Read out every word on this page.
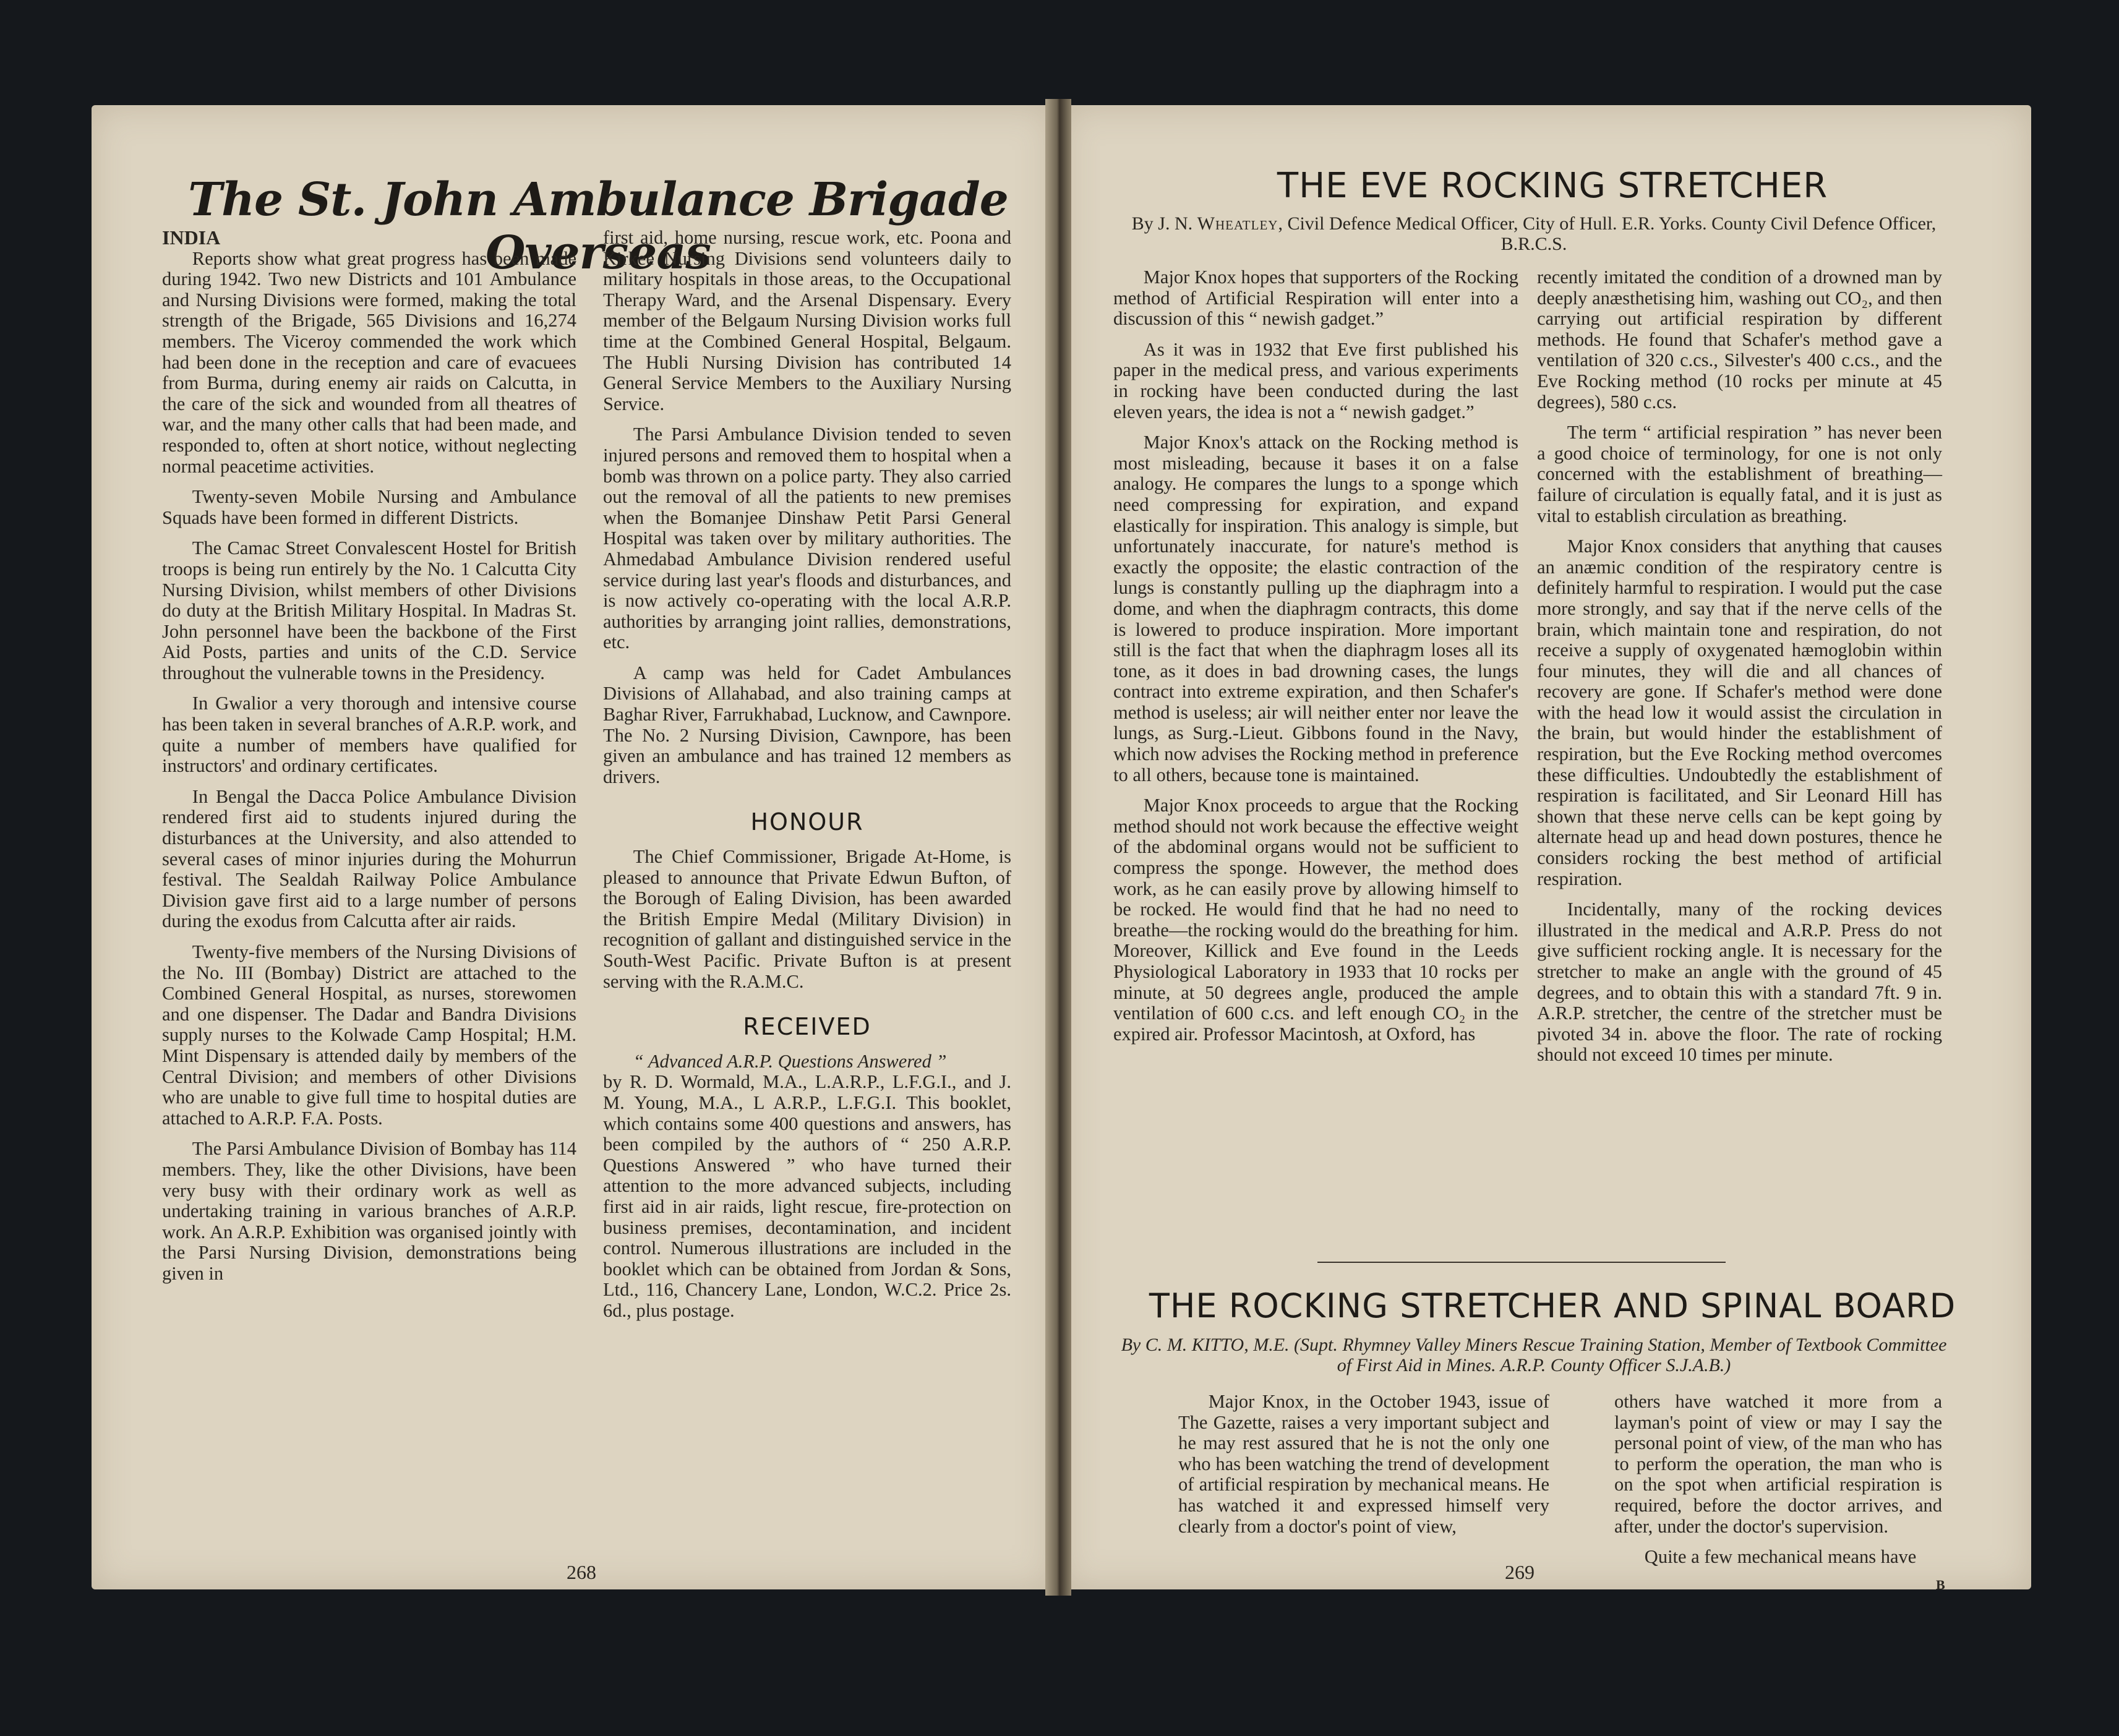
The St. John Ambulance Brigade Overseas

INDIA

Reports show what great progress has been made during 1942. Two new Districts and 101 Ambulance and Nursing Divisions were formed, making the total strength of the Brigade, 565 Divisions and 16,274 members. The Viceroy commended the work which had been done in the reception and care of evacuees from Burma, during enemy air raids on Calcutta, in the care of the sick and wounded from all theatres of war, and the many other calls that had been made, and responded to, often at short notice, without neglecting normal peacetime activities.

Twenty-seven Mobile Nursing and Ambulance Squads have been formed in different Districts.

The Camac Street Convalescent Hostel for British troops is being run entirely by the No. 1 Calcutta City Nursing Division, whilst members of other Divisions do duty at the British Military Hospital. In Madras St. John personnel have been the backbone of the First Aid Posts, parties and units of the C.D. Service throughout the vulnerable towns in the Presidency.

In Gwalior a very thorough and intensive course has been taken in several branches of A.R.P. work, and quite a number of members have qualified for instructors' and ordinary certificates.

In Bengal the Dacca Police Ambulance Division rendered first aid to students injured during the disturbances at the University, and also attended to several cases of minor injuries during the Mohurrun festival. The Sealdah Railway Police Ambulance Division gave first aid to a large number of persons during the exodus from Calcutta after air raids.

Twenty-five members of the Nursing Divisions of the No. III (Bombay) District are attached to the Combined General Hospital, as nurses, storewomen and one dispenser. The Dadar and Bandra Divisions supply nurses to the Kolwade Camp Hospital; H.M. Mint Dispensary is attended daily by members of the Central Division; and members of other Divisions who are unable to give full time to hospital duties are attached to A.R.P. F.A. Posts.

The Parsi Ambulance Division of Bombay has 114 members. They, like the other Divisions, have been very busy with their ordinary work as well as undertaking training in various branches of A.R.P. work. An A.R.P. Exhibition was organised jointly with the Parsi Nursing Division, demonstrations being given in

first aid, home nursing, rescue work, etc. Poona and Kirkee Nursing Divisions send volunteers daily to military hospitals in those areas, to the Occupational Therapy Ward, and the Arsenal Dispensary. Every member of the Belgaum Nursing Division works full time at the Combined General Hospital, Belgaum. The Hubli Nursing Division has contributed 14 General Service Members to the Auxiliary Nursing Service.

The Parsi Ambulance Division tended to seven injured persons and removed them to hospital when a bomb was thrown on a police party. They also carried out the removal of all the patients to new premises when the Bomanjee Dinshaw Petit Parsi General Hospital was taken over by military authorities. The Ahmedabad Ambulance Division rendered useful service during last year's floods and disturbances, and is now actively co-operating with the local A.R.P. authorities by arranging joint rallies, demonstrations, etc.

A camp was held for Cadet Ambulances Divisions of Allahabad, and also training camps at Baghar River, Farrukhabad, Lucknow, and Cawnpore. The No. 2 Nursing Division, Cawnpore, has been given an ambulance and has trained 12 members as drivers.

HONOUR

The Chief Commissioner, Brigade At-Home, is pleased to announce that Private Edwun Bufton, of the Borough of Ealing Division, has been awarded the British Empire Medal (Military Division) in recognition of gallant and distinguished service in the South-West Pacific. Private Bufton is at present serving with the R.A.M.C.

RECEIVED

“ Advanced A.R.P. Questions Answered ”

by R. D. Wormald, M.A., L.A.R.P., L.F.G.I., and J. M. Young, M.A., L A.R.P., L.F.G.I. This booklet, which contains some 400 questions and answers, has been compiled by the authors of “ 250 A.R.P. Questions Answered ” who have turned their attention to the more advanced subjects, including first aid in air raids, light rescue, fire-protection on business premises, decontamination, and incident control. Numerous illustrations are included in the booklet which can be obtained from Jordan & Sons, Ltd., 116, Chancery Lane, London, W.C.2. Price 2s. 6d., plus postage.

268
THE EVE ROCKING STRETCHER
By J. N. Wheatley, Civil Defence Medical Officer, City of Hull. E.R. Yorks. County Civil Defence Officer, B.R.C.S.

Major Knox hopes that supporters of the Rocking method of Artificial Respiration will enter into a discussion of this “ newish gadget.”

As it was in 1932 that Eve first published his paper in the medical press, and various experiments in rocking have been conducted during the last eleven years, the idea is not a “ newish gadget.”

Major Knox's attack on the Rocking method is most misleading, because it bases it on a false analogy. He compares the lungs to a sponge which need compressing for expiration, and expand elastically for inspiration. This analogy is simple, but unfortunately inaccurate, for nature's method is exactly the opposite; the elastic contraction of the lungs is constantly pulling up the diaphragm into a dome, and when the diaphragm contracts, this dome is lowered to produce inspiration. More important still is the fact that when the diaphragm loses all its tone, as it does in bad drowning cases, the lungs contract into extreme expiration, and then Schafer's method is useless; air will neither enter nor leave the lungs, as Surg.-Lieut. Gibbons found in the Navy, which now advises the Rocking method in preference to all others, because tone is maintained.

Major Knox proceeds to argue that the Rocking method should not work because the effective weight of the abdominal organs would not be sufficient to compress the sponge. However, the method does work, as he can easily prove by allowing himself to be rocked. He would find that he had no need to breathe—the rocking would do the breathing for him. Moreover, Killick and Eve found in the Leeds Physiological Laboratory in 1933 that 10 rocks per minute, at 50 degrees angle, produced the ample ventilation of 600 c.cs. and left enough CO₂ in the expired air. Professor Macintosh, at Oxford, has

recently imitated the condition of a drowned man by deeply anæsthetising him, washing out CO₂, and then carrying out artificial respiration by different methods. He found that Schafer's method gave a ventilation of 320 c.cs., Silvester's 400 c.cs., and the Eve Rocking method (10 rocks per minute at 45 degrees), 580 c.cs.

The term “ artificial respiration ” has never been a good choice of terminology, for one is not only concerned with the establishment of breathing—failure of circulation is equally fatal, and it is just as vital to establish circulation as breathing.

Major Knox considers that anything that causes an anæmic condition of the respiratory centre is definitely harmful to respiration. I would put the case more strongly, and say that if the nerve cells of the brain, which maintain tone and respiration, do not receive a supply of oxygenated hæmoglobin within four minutes, they will die and all chances of recovery are gone. If Schafer's method were done with the head low it would assist the circulation in the brain, but would hinder the establishment of respiration, but the Eve Rocking method overcomes these difficulties. Undoubtedly the establishment of respiration is facilitated, and Sir Leonard Hill has shown that these nerve cells can be kept going by alternate head up and head down postures, thence he considers rocking the best method of artificial respiration.

Incidentally, many of the rocking devices illustrated in the medical and A.R.P. Press do not give sufficient rocking angle. It is necessary for the stretcher to make an angle with the ground of 45 degrees, and to obtain this with a standard 7ft. 9 in. A.R.P. stretcher, the centre of the stretcher must be pivoted 34 in. above the floor. The rate of rocking should not exceed 10 times per minute.

THE ROCKING STRETCHER AND SPINAL BOARD
By C. M. KITTO, M.E. (Supt. Rhymney Valley Miners Rescue Training Station, Member of Textbook Committee of First Aid in Mines. A.R.P. County Officer S.J.A.B.)

Major Knox, in the October 1943, issue of The Gazette, raises a very important subject and he may rest assured that he is not the only one who has been watching the trend of development of artificial respiration by mechanical means. He has watched it and expressed himself very clearly from a doctor's point of view,

others have watched it more from a layman's point of view or may I say the personal point of view, of the man who has to perform the operation, the man who is on the spot when artificial respiration is required, before the doctor arrives, and after, under the doctor's supervision.

Quite a few mechanical means have

269
B
